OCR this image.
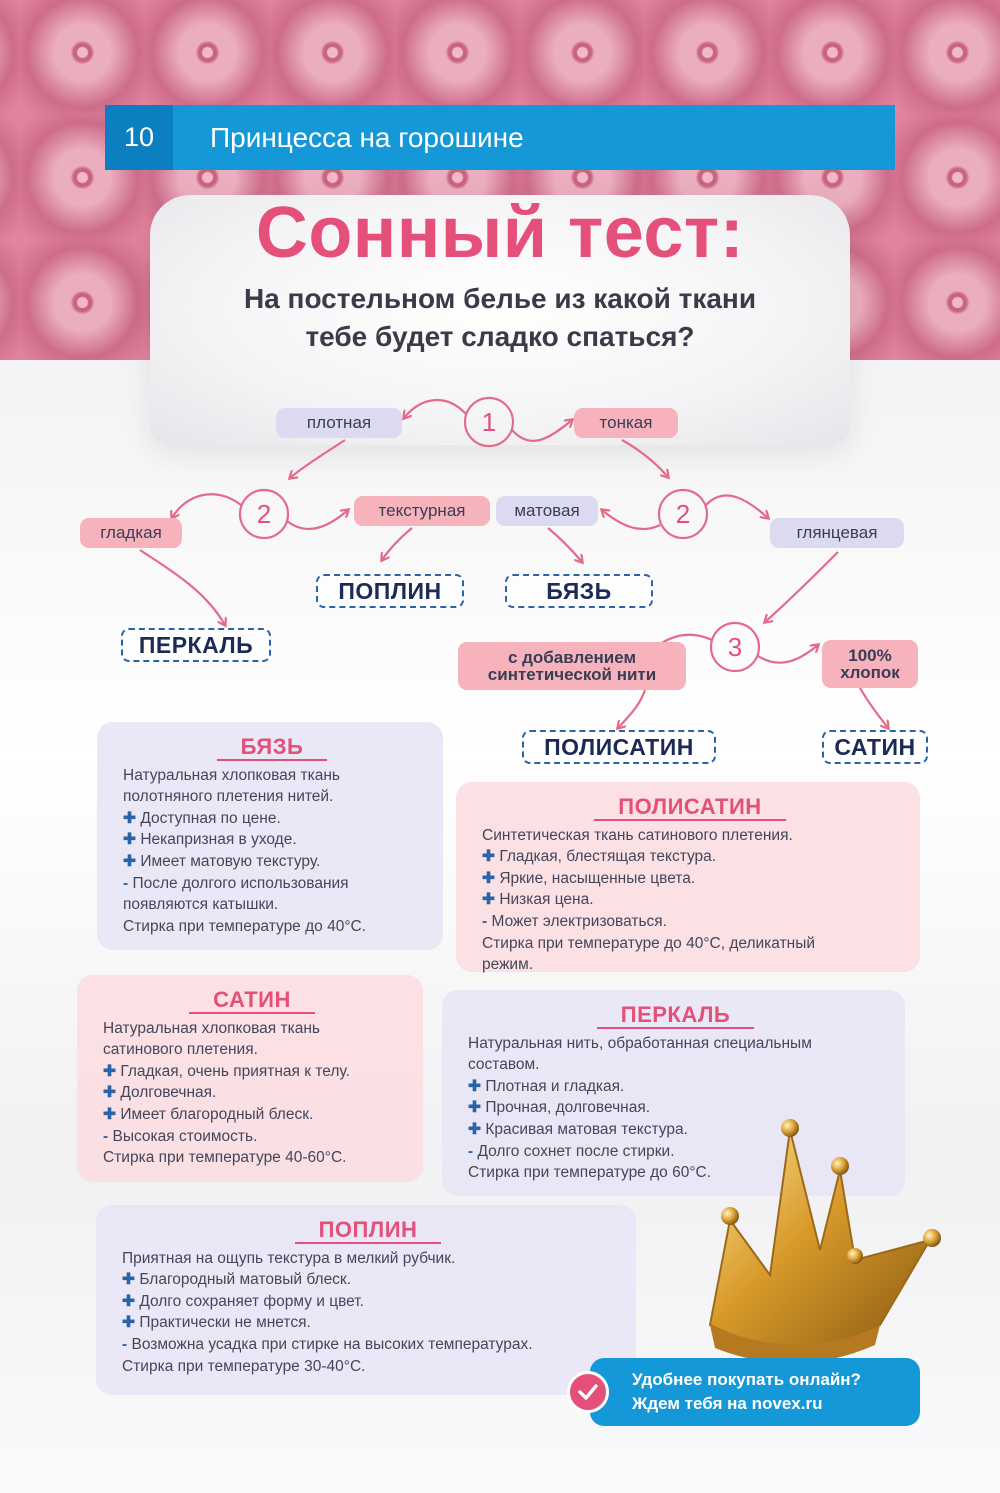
10	Принцесса на горошине
Сонный тест:
На постельном белье из какой ткани
тебе будет сладко спаться?
1
2	2
3
плотная	тонкая
гладкая
текстурная	матовая
глянцевая
с добавлением
синтетической нити
100%
хлопок
ПОПЛИН	БЯЗЬ
ПЕРКАЛЬ
ПОЛИСАТИН	САТИН
БЯЗЬ
Натуральная хлопковая ткань
полотняного плетения нитей.
✚ Доступная по цене.
✚ Некапризная в уходе.
✚ Имеет матовую текстуру.
- После долгого использования
появляются катышки.
Стирка при температуре до 40°С.
ПОЛИСАТИН
Синтетическая ткань сатинового плетения.
✚ Гладкая, блестящая текстура.
✚ Яркие, насыщенные цвета.
✚ Низкая цена.
- Может электризоваться.
Стирка при температуре до 40°С, деликатный
режим.
САТИН
Натуральная хлопковая ткань
сатинового плетения.
✚ Гладкая, очень приятная к телу.
✚ Долговечная.
✚ Имеет благородный блеск.
- Высокая стоимость.
Стирка при температуре 40-60°С.
ПЕРКАЛЬ
Натуральная нить, обработанная специальным
составом.
✚ Плотная и гладкая.
✚ Прочная, долговечная.
✚ Красивая матовая текстура.
- Долго сохнет после стирки.
Стирка при температуре до 60°С.
ПОПЛИН
Приятная на ощупь текстура в мелкий рубчик.
✚ Благородный матовый блеск.
✚ Долго сохраняет форму и цвет.
✚ Практически не мнется.
- Возможна усадка при стирке на высоких температурах.
Стирка при температуре 30-40°С.
Удобнее покупать онлайн?
Ждем тебя на novex.ru
